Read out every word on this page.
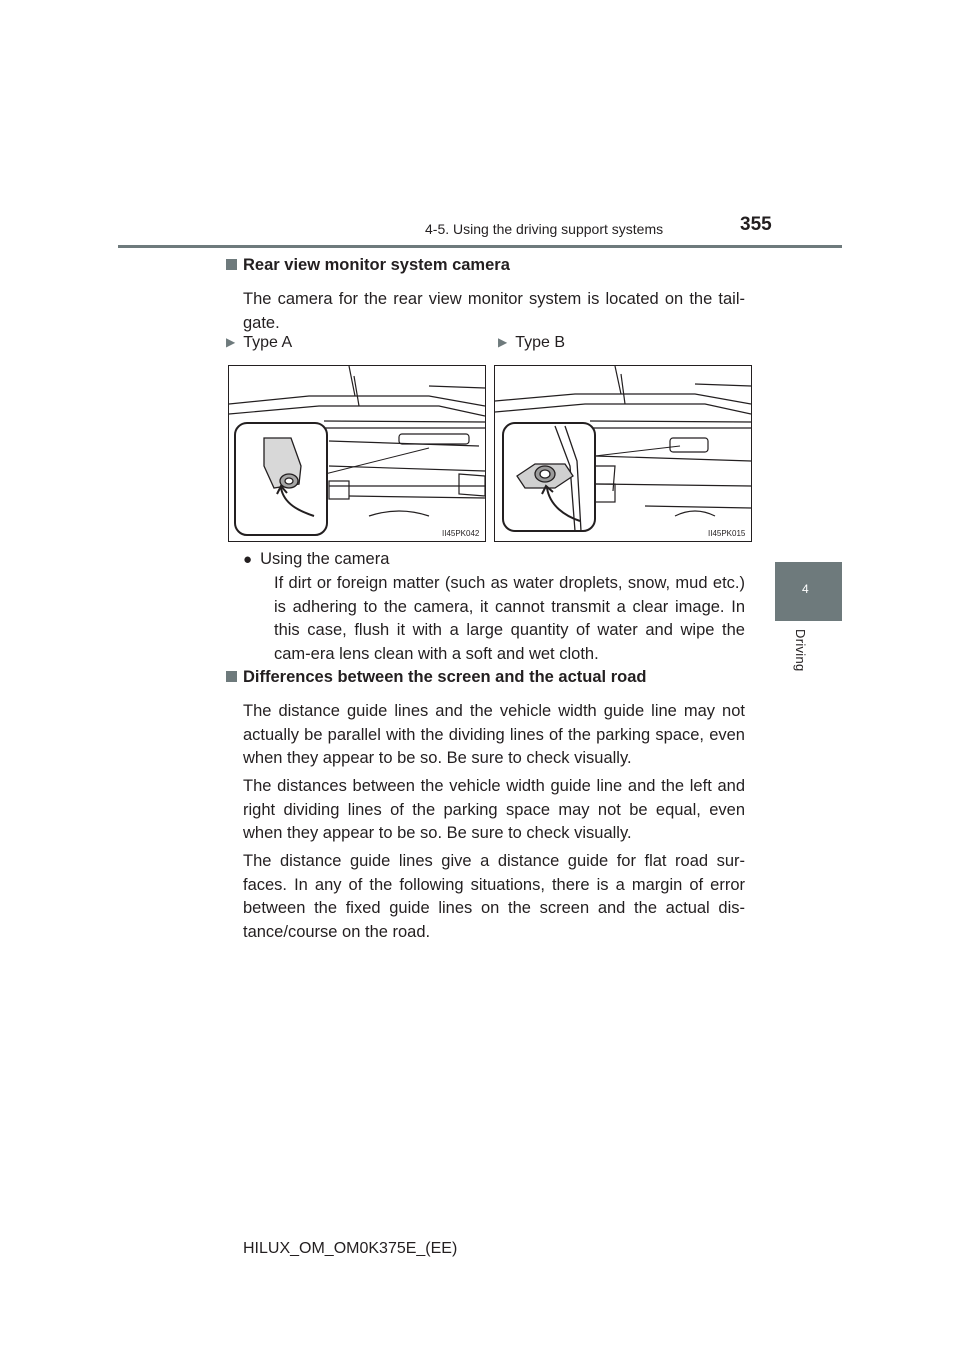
4-5. Using the driving support systems	355
4
Driving
Rear view monitor system camera

The camera for the rear view monitor system is located on the tail-gate.

▶ Type A	▶ Type B
II45PK042	II45PK015
● Using the camera

If dirt or foreign matter (such as water droplets, snow, mud etc.) is adhering to the camera, it cannot transmit a clear image. In this case, flush it with a large quantity of water and wipe the cam-era lens clean with a soft and wet cloth.

Differences between the screen and the actual road

The distance guide lines and the vehicle width guide line may not actually be parallel with the dividing lines of the parking space, even when they appear to be so. Be sure to check visually.

The distances between the vehicle width guide line and the left and right dividing lines of the parking space may not be equal, even when they appear to be so. Be sure to check visually.

The distance guide lines give a distance guide for flat road sur-faces. In any of the following situations, there is a margin of error between the fixed guide lines on the screen and the actual dis-tance/course on the road.

HILUX_OM_OM0K375E_(EE)
